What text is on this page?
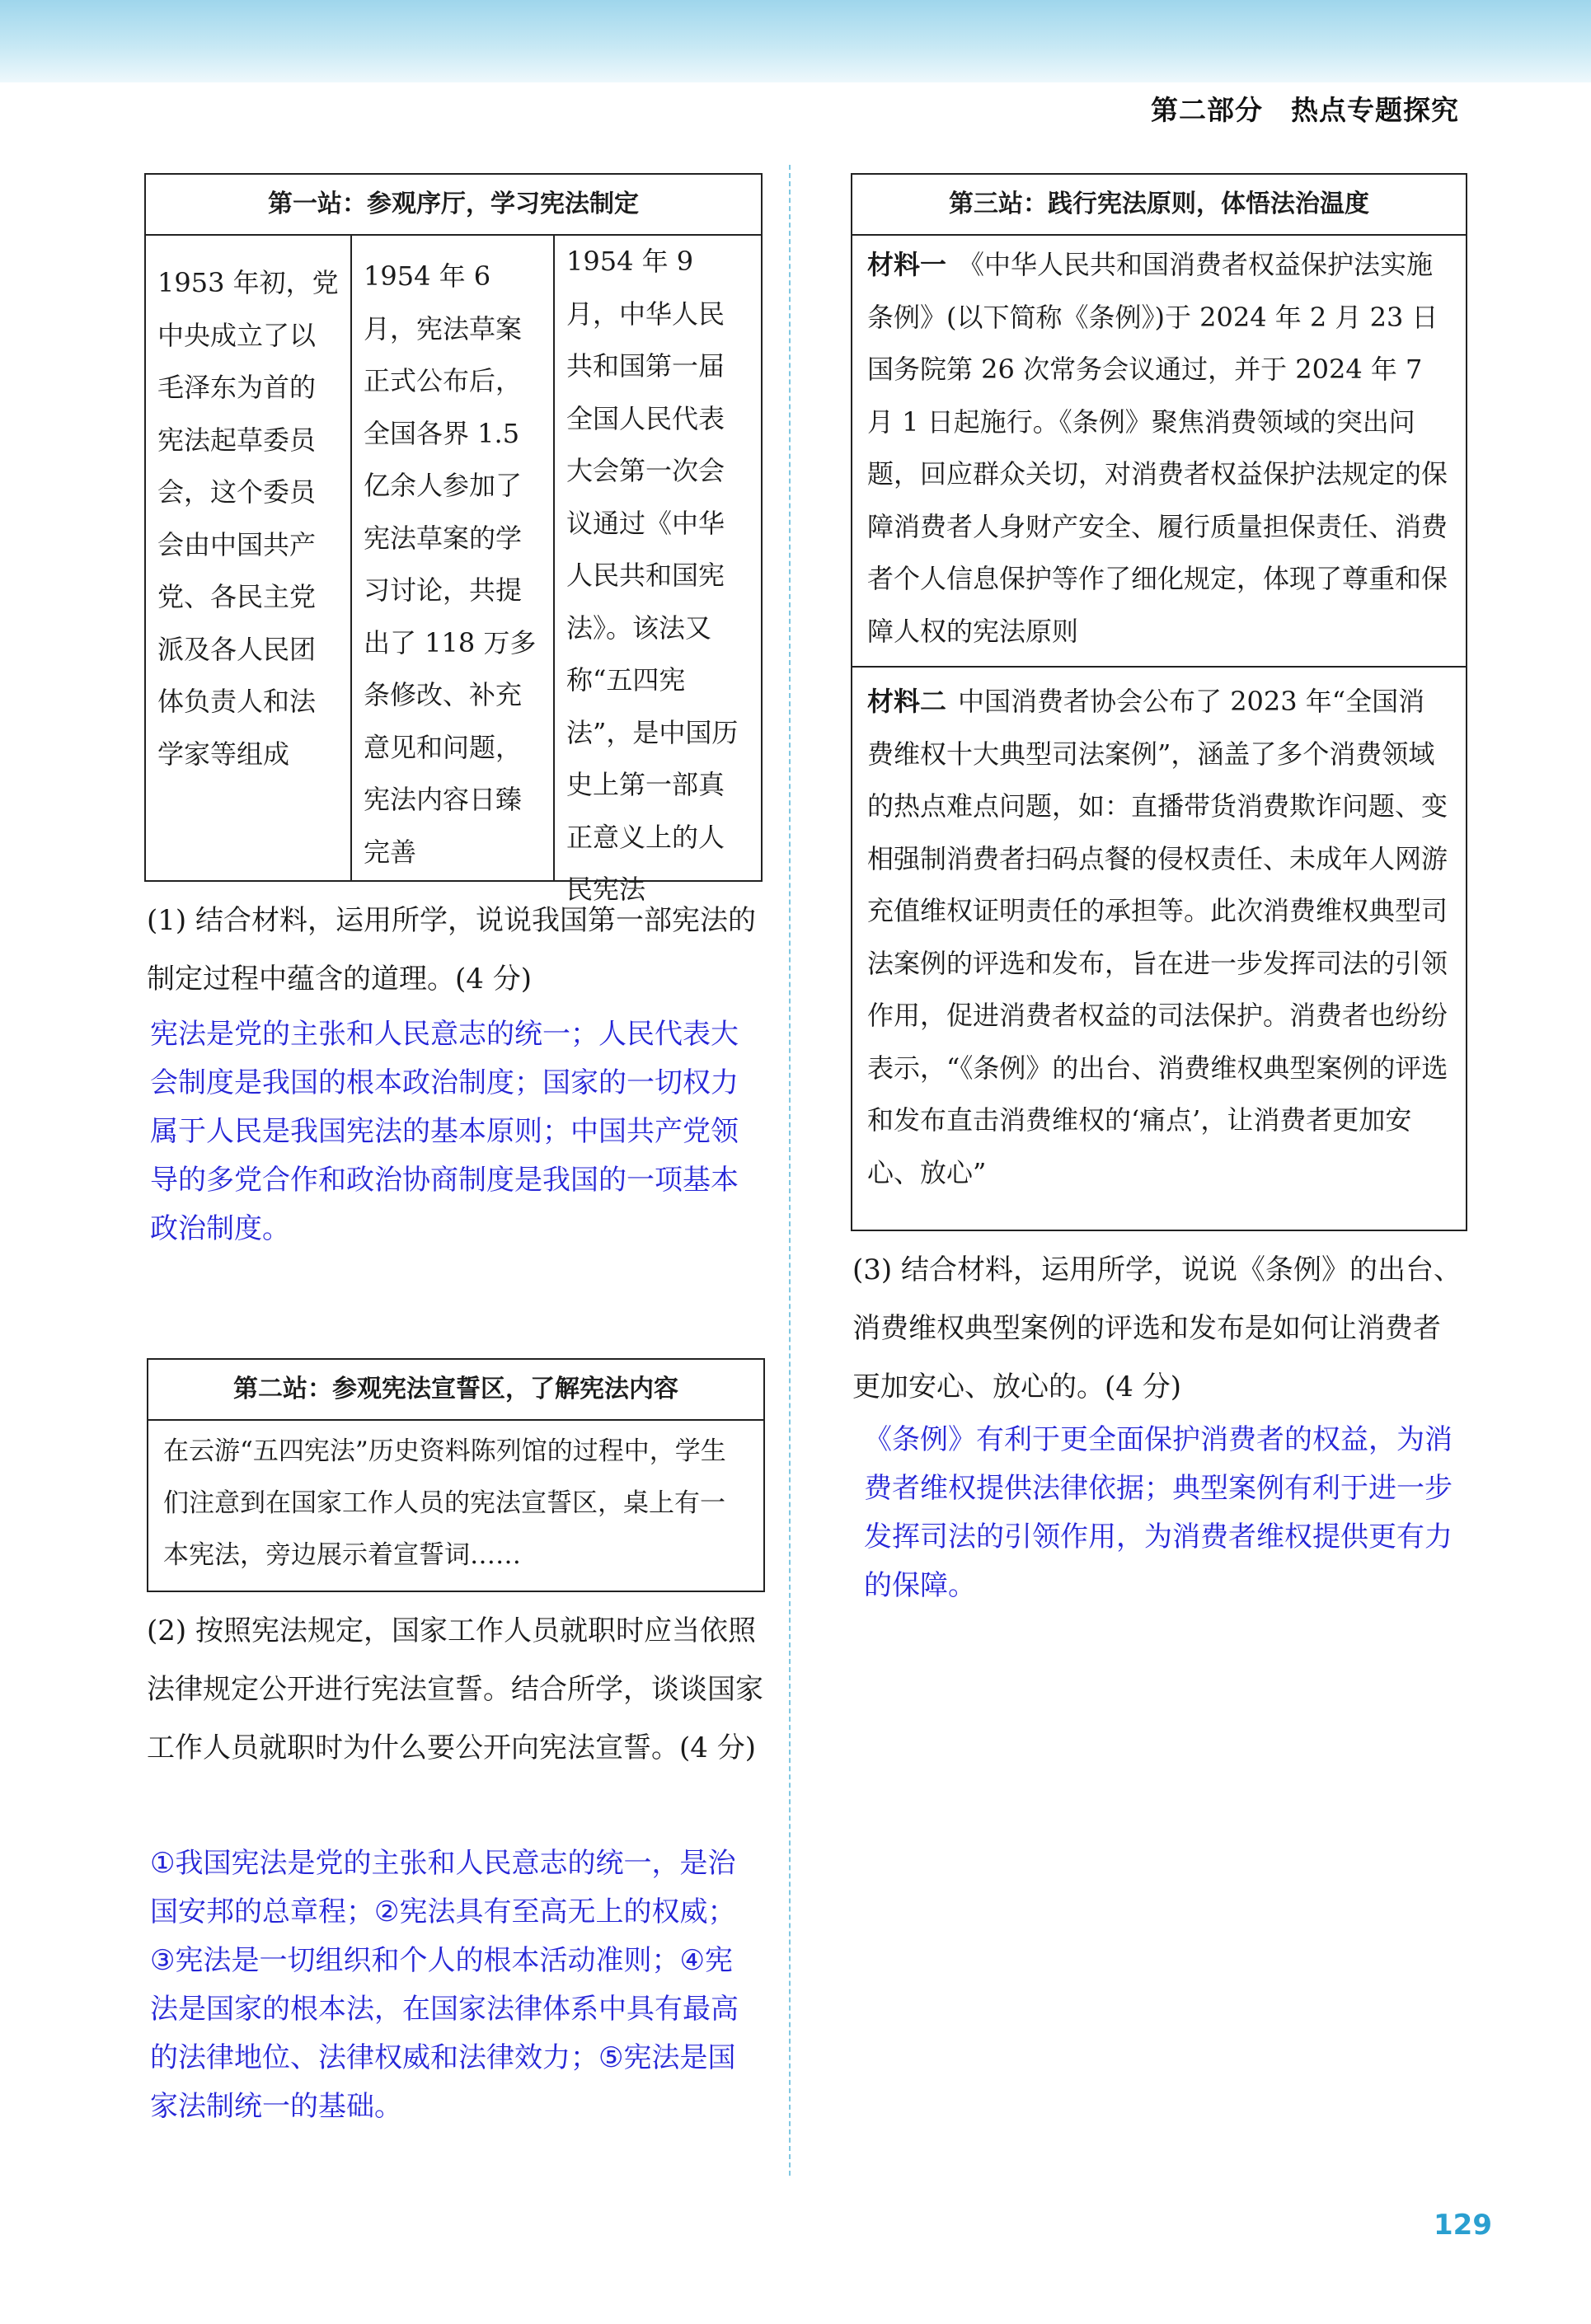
第二部分　热点专题探究
第一站：参观序厅，学习宪法制定
1953 年初，党中央成立了以毛泽东为首的宪法起草委员会，这个委员会由中国共产党、各民主党派及各人民团体负责人和法学家等组成
1954 年 6 月，宪法草案正式公布后，全国各界 1.5 亿余人参加了宪法草案的学习讨论，共提出了 118 万多条修改、补充意见和问题，宪法内容日臻完善
1954 年 9 月，中华人民共和国第一届全国人民代表大会第一次会议通过《中华人民共和国宪法》。该法又称“五四宪法”，是中国历史上第一部真正意义上的人民宪法
(1) 结合材料，运用所学，说说我国第一部宪法的制定过程中蕴含的道理。(4 分)
宪法是党的主张和人民意志的统一；人民代表大会制度是我国的根本政治制度；国家的一切权力属于人民是我国宪法的基本原则；中国共产党领导的多党合作和政治协商制度是我国的一项基本政治制度。
第二站：参观宪法宣誓区，了解宪法内容
在云游“五四宪法”历史资料陈列馆的过程中，学生们注意到在国家工作人员的宪法宣誓区，桌上有一本宪法，旁边展示着宣誓词……
(2) 按照宪法规定，国家工作人员就职时应当依照法律规定公开进行宪法宣誓。结合所学，谈谈国家工作人员就职时为什么要公开向宪法宣誓。(4 分)
①我国宪法是党的主张和人民意志的统一，是治国安邦的总章程；②宪法具有至高无上的权威；③宪法是一切组织和个人的根本活动准则；④宪法是国家的根本法，在国家法律体系中具有最高的法律地位、法律权威和法律效力；⑤宪法是国家法制统一的基础。
第三站：践行宪法原则，体悟法治温度
材料一 《中华人民共和国消费者权益保护法实施条例》(以下简称《条例》)于 2024 年 2 月 23 日国务院第 26 次常务会议通过，并于 2024 年 7 月 1 日起施行。《条例》聚焦消费领域的突出问题，回应群众关切，对消费者权益保护法规定的保障消费者人身财产安全、履行质量担保责任、消费者个人信息保护等作了细化规定，体现了尊重和保障人权的宪法原则
材料二 中国消费者协会公布了 2023 年“全国消费维权十大典型司法案例”，涵盖了多个消费领域的热点难点问题，如：直播带货消费欺诈问题、变相强制消费者扫码点餐的侵权责任、未成年人网游充值维权证明责任的承担等。此次消费维权典型司法案例的评选和发布，旨在进一步发挥司法的引领作用，促进消费者权益的司法保护。消费者也纷纷表示，“《条例》的出台、消费维权典型案例的评选和发布直击消费维权的‘痛点’，让消费者更加安心、放心”
(3) 结合材料，运用所学，说说《条例》的出台、消费维权典型案例的评选和发布是如何让消费者更加安心、放心的。(4 分)
《条例》有利于更全面保护消费者的权益，为消费者维权提供法律依据；典型案例有利于进一步发挥司法的引领作用，为消费者维权提供更有力的保障。
129
